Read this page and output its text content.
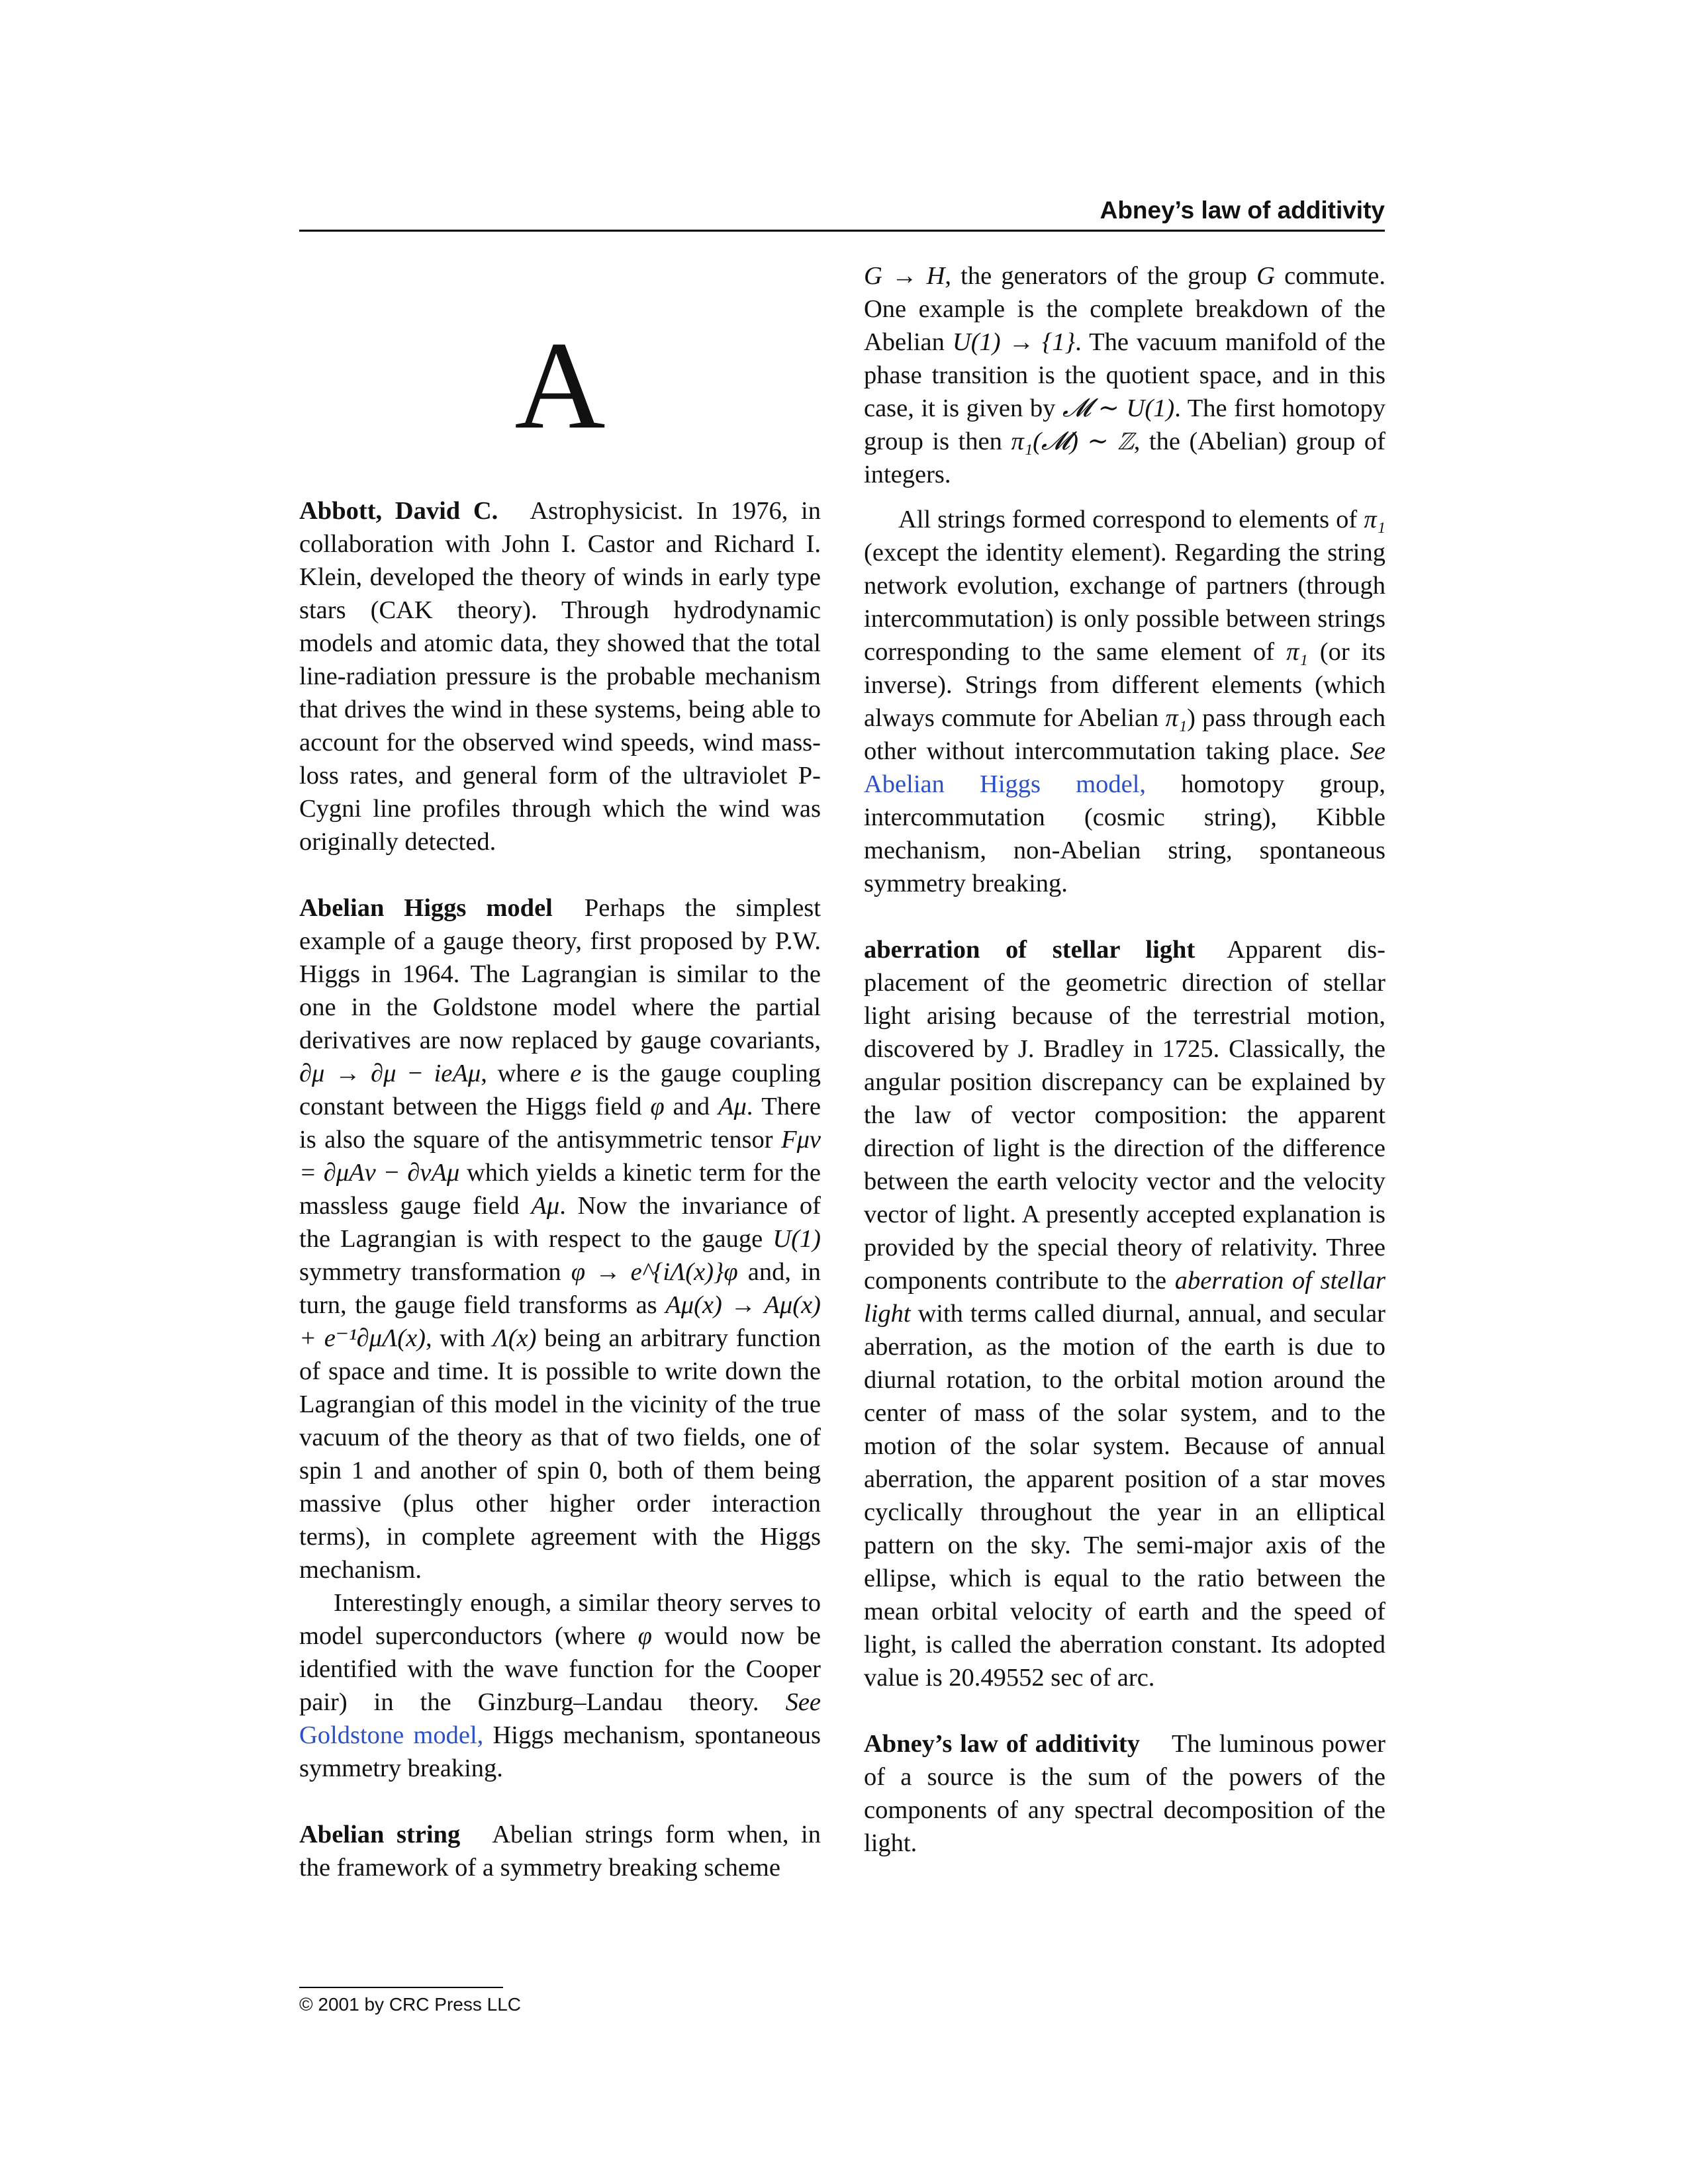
Abney’s law of additivity
A

Abbott, David C. Astrophysicist. In 1976, in collaboration with John I. Castor and Richard I. Klein, developed the theory of winds in early type stars (CAK theory). Through hydrodynamic models and atomic data, they showed that the total line-radiation pressure is the probable mechanism that drives the wind in these systems, being able to account for the observed wind speeds, wind mass-loss rates, and general form of the ultraviolet P-Cygni line profiles through which the wind was originally detected.

Abelian Higgs model Perhaps the simplest example of a gauge theory, first proposed by P.W. Higgs in 1964. The Lagrangian is similar to the one in the Goldstone model where the partial derivatives are now replaced by gauge covariants, ∂μ → ∂μ − ieAμ, where e is the gauge coupling constant between the Higgs field φ and Aμ. There is also the square of the antisymmetric tensor Fμν = ∂μAν − ∂νAμ which yields a kinetic term for the massless gauge field Aμ. Now the invariance of the Lagrangian is with respect to the gauge U(1) symmetry transformation φ → e^{iΛ(x)}φ and, in turn, the gauge field transforms as Aμ(x) → Aμ(x) + e⁻¹∂μΛ(x), with Λ(x) being an arbitrary function of space and time. It is possible to write down the Lagrangian of this model in the vicinity of the true vacuum of the theory as that of two fields, one of spin 1 and another of spin 0, both of them being massive (plus other higher order interaction terms), in complete agreement with the Higgs mechanism.

Interestingly enough, a similar theory serves to model superconductors (where φ would now be identified with the wave function for the Cooper pair) in the Ginzburg–Landau theory. See Goldstone model, Higgs mechanism, spontaneous symmetry breaking.

Abelian string Abelian strings form when, in the framework of a symmetry breaking scheme

G → H, the generators of the group G commute. One example is the complete breakdown of the Abelian U(1) → {1}. The vacuum manifold of the phase transition is the quotient space, and in this case, it is given by 𝓜 ∼ U(1). The first homotopy group is then π₁(𝓜) ∼ ℤ, the (Abelian) group of integers.

All strings formed correspond to elements of π₁ (except the identity element). Regarding the string network evolution, exchange of partners (through intercommutation) is only possible between strings corresponding to the same element of π₁ (or its inverse). Strings from different elements (which always commute for Abelian π₁) pass through each other without intercommutation taking place. See Abelian Higgs model, homotopy group, intercommutation (cosmic string), Kibble mechanism, non-Abelian string, spontaneous symmetry breaking.

aberration of stellar light Apparent displacement of the geometric direction of stellar light arising because of the terrestrial motion, discovered by J. Bradley in 1725. Classically, the angular position discrepancy can be explained by the law of vector composition: the apparent direction of light is the direction of the difference between the earth velocity vector and the velocity vector of light. A presently accepted explanation is provided by the special theory of relativity. Three components contribute to the aberration of stellar light with terms called diurnal, annual, and secular aberration, as the motion of the earth is due to diurnal rotation, to the orbital motion around the center of mass of the solar system, and to the motion of the solar system. Because of annual aberration, the apparent position of a star moves cyclically throughout the year in an elliptical pattern on the sky. The semi-major axis of the ellipse, which is equal to the ratio between the mean orbital velocity of earth and the speed of light, is called the aberration constant. Its adopted value is 20.49552 sec of arc.

Abney’s law of additivity The luminous power of a source is the sum of the powers of the components of any spectral decomposition of the light.

© 2001 by CRC Press LLC
